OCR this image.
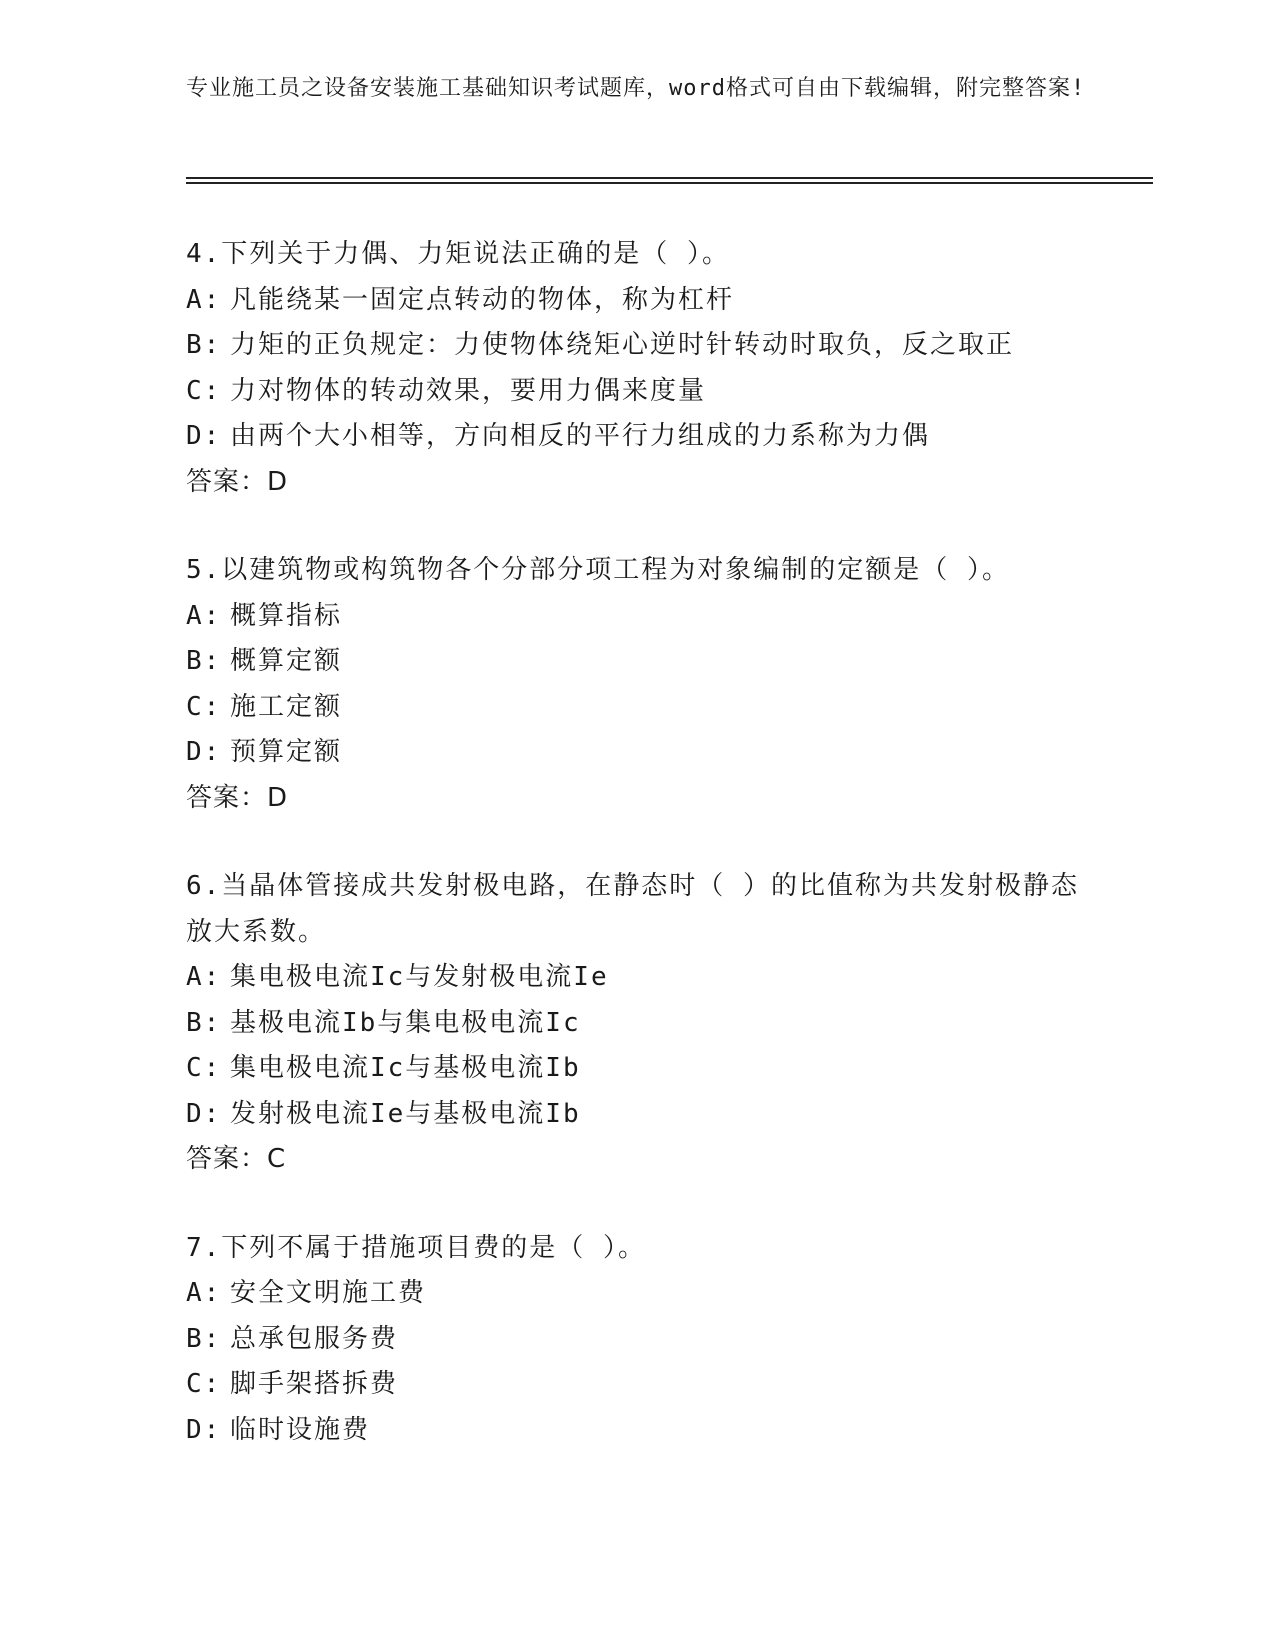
专业施工员之设备安装施工基础知识考试题库，word格式可自由下载编辑，附完整答案!
4.下列关于力偶、力矩说法正确的是（ ）。
A: 凡能绕某一固定点转动的物体，称为杠杆
B: 力矩的正负规定：力使物体绕矩心逆时针转动时取负，反之取正
C: 力对物体的转动效果，要用力偶来度量
D: 由两个大小相等，方向相反的平行力组成的力系称为力偶
答案：D
5.以建筑物或构筑物各个分部分项工程为对象编制的定额是（ ）。
A: 概算指标
B: 概算定额
C: 施工定额
D: 预算定额
答案：D
6.当晶体管接成共发射极电路，在静态时（ ）的比值称为共发射极静态放大系数。
A: 集电极电流Ic与发射极电流Ie
B: 基极电流Ib与集电极电流Ic
C: 集电极电流Ic与基极电流Ib
D: 发射极电流Ie与基极电流Ib
答案：C
7.下列不属于措施项目费的是（ ）。
A: 安全文明施工费
B: 总承包服务费
C: 脚手架搭拆费
D: 临时设施费
